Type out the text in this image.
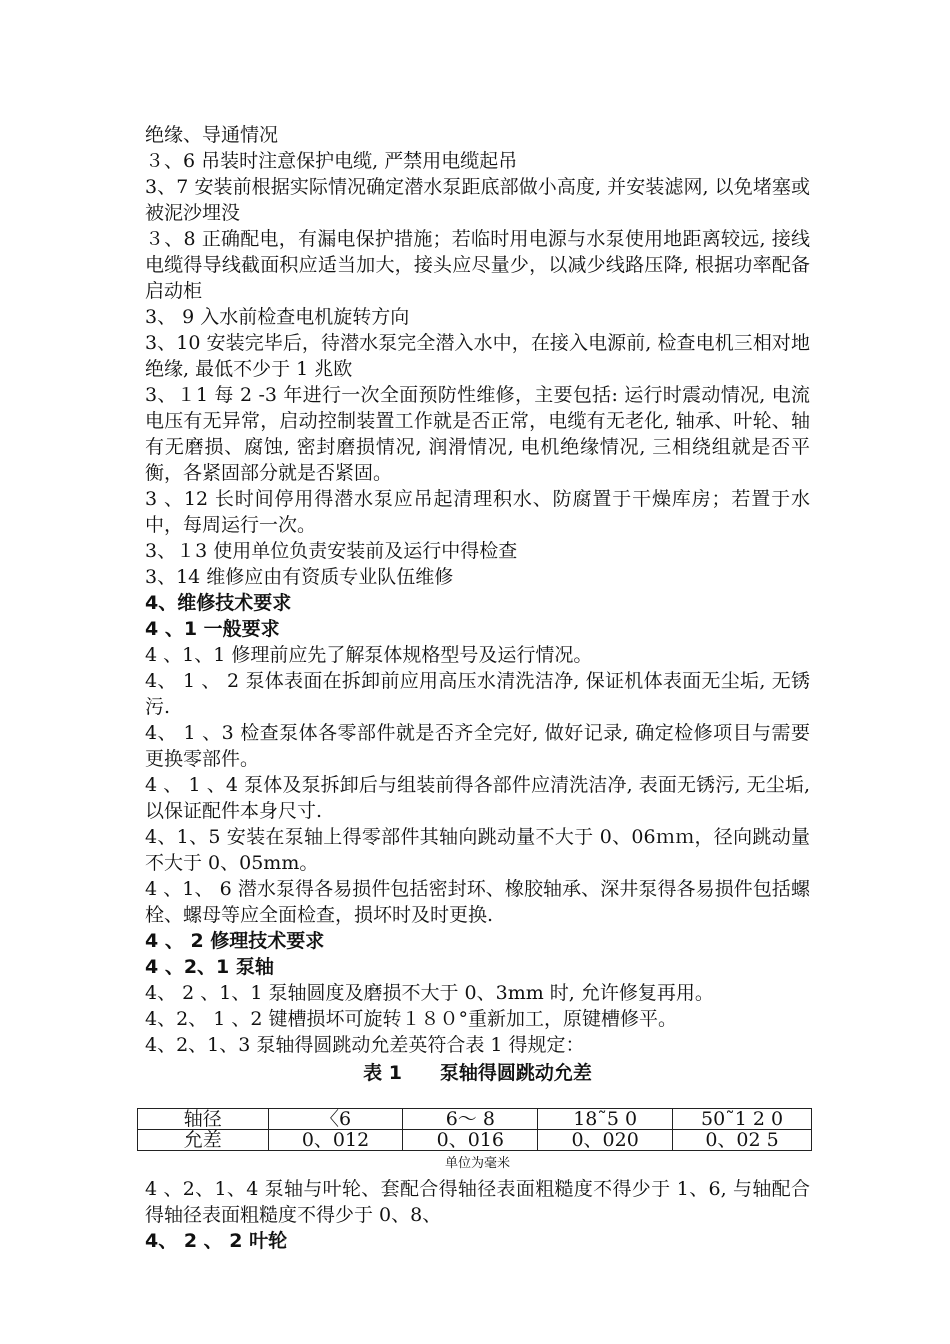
绝缘、导通情况

３、6 吊装时注意保护电缆, 严禁用电缆起吊

3、7 安装前根据实际情况确定潜水泵距底部做小高度, 并安装滤网, 以免堵塞或被泥沙埋没

３、8 正确配电，有漏电保护措施；若临时用电源与水泵使用地距离较远, 接线电缆得导线截面积应适当加大，接头应尽量少，以减少线路压降, 根据功率配备启动柜

3、 9 入水前检查电机旋转方向

3、10 安装完毕后，待潜水泵完全潜入水中，在接入电源前, 检查电机三相对地绝缘, 最低不少于 1 兆欧

3、１1 每 2 -3 年进行一次全面预防性维修，主要包括: 运行时震动情况, 电流电压有无异常，启动控制装置工作就是否正常，电缆有无老化, 轴承、叶轮、轴有无磨损、腐蚀, 密封磨损情况, 润滑情况, 电机绝缘情况, 三相绕组就是否平衡，各紧固部分就是否紧固。

3 、12 长时间停用得潜水泵应吊起清理积水、防腐置于干燥库房；若置于水中，每周运行一次。

3、１3 使用单位负责安装前及运行中得检查

3、14 维修应由有资质专业队伍维修

4、维修技术要求

4 、1 一般要求

4 、1、1 修理前应先了解泵体规格型号及运行情况。

4、 1 、 2 泵体表面在拆卸前应用高压水清洗洁净, 保证机体表面无尘垢, 无锈污.

4、 1 、3 检查泵体各零部件就是否齐全完好, 做好记录, 确定检修项目与需要更换零部件。

4 、 1 、4 泵体及泵拆卸后与组装前得各部件应清洗洁净, 表面无锈污, 无尘垢, 以保证配件本身尺寸.

4、1、5 安装在泵轴上得零部件其轴向跳动量不大于 0、06ｍｍ，径向跳动量不大于 0、05mm。

4 、1、 6 潜水泵得各易损件包括密封环、橡胶轴承、深井泵得各易损件包括螺栓、螺母等应全面检查，损坏时及时更换.

4 、 2 修理技术要求

4 、2、1 泵轴

4、 2 、1、1 泵轴圆度及磨损不大于 0、3mm 时, 允许修复再用。

4、2、 1 、2 键槽损坏可旋转１８０°重新加工，原键槽修平。

4、2、1、3 泵轴得圆跳动允差英符合表 1 得规定：

表 1　　泵轴得圆跳动允差
轴径	〈6	6～ 8	18˜5 0	50˜1 2 0
允差	0、012	0、016	0、020	0、02 5
单位为毫米

4 、2、1、4 泵轴与叶轮、套配合得轴径表面粗糙度不得少于 1、6, 与轴配合得轴径表面粗糙度不得少于 0、8、

4、 2 、 2 叶轮
